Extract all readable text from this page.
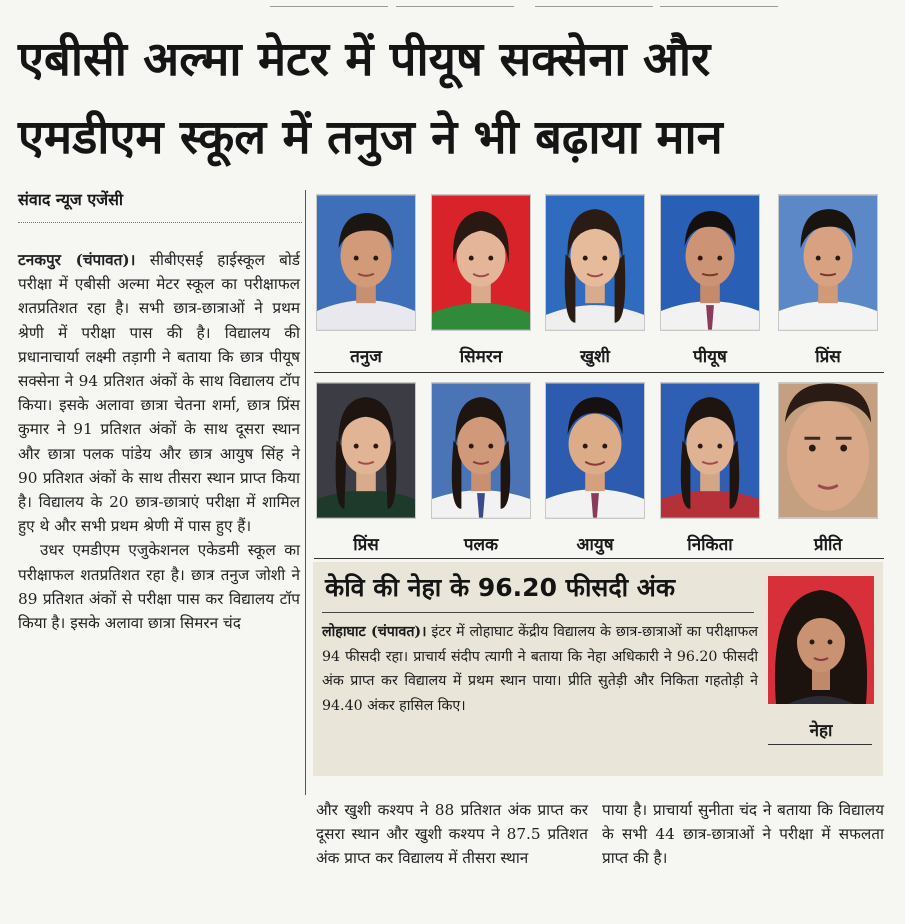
एबीसी अल्मा मेटर में पीयूष सक्सेना और
एमडीएम स्कूल में तनुज ने भी बढ़ाया मान
संवाद न्यूज एजेंसी

टनकपुर (चंपावत)। सीबीएसई हाईस्कूल बोर्ड परीक्षा में एबीसी अल्मा मेटर स्कूल का परीक्षाफल शतप्रतिशत रहा है। सभी छात्र-छात्राओं ने प्रथम श्रेणी में परीक्षा पास की है। विद्यालय की प्रधानाचार्या लक्ष्मी तड़ागी ने बताया कि छात्र पीयूष सक्सेना ने 94 प्रतिशत अंकों के साथ विद्यालय टॉप किया। इसके अलावा छात्रा चेतना शर्मा, छात्र प्रिंस कुमार ने 91 प्रतिशत अंकों के साथ दूसरा स्थान और छात्रा पलक पांडेय और छात्र आयुष सिंह ने 90 प्रतिशत अंकों के साथ तीसरा स्थान प्राप्त किया है। विद्यालय के 20 छात्र-छात्राएं परीक्षा में शामिल हुए थे और सभी प्रथम श्रेणी में पास हुए हैं।

उधर एमडीएम एजुकेशनल एकेडमी स्कूल का परीक्षाफल शतप्रतिशत रहा है। छात्र तनुज जोशी ने 89 प्रतिशत अंकों से परीक्षा पास कर विद्यालय टॉप किया है। इसके अलावा छात्रा सिमरन चंद

और खुशी कश्यप ने 88 प्रतिशत अंक प्राप्त कर दूसरा स्थान और खुशी कश्यप ने 87.5 प्रतिशत अंक प्राप्त कर विद्यालय में तीसरा स्थान
पाया है। प्राचार्या सुनीता चंद ने बताया कि विद्यालय के सभी 44 छात्र-छात्राओं ने परीक्षा में सफलता प्राप्त की है।
तनुज	सिमरन	खुशी	पीयूष	प्रिंस
प्रिंस	पलक	आयुष	निकिता	प्रीति
केवि की नेहा के 96.20 फीसदी अंक
लोहाघाट (चंपावत)। इंटर में लोहाघाट केंद्रीय विद्यालय के छात्र-छात्राओं का परीक्षाफल 94 फीसदी रहा। प्राचार्य संदीप त्यागी ने बताया कि नेहा अधिकारी ने 96.20 फीसदी अंक प्राप्त कर विद्यालय में प्रथम स्थान पाया। प्रीति सुतेड़ी और निकिता गहतोड़ी ने 94.40 अंकर हासिल किए।
नेहा
